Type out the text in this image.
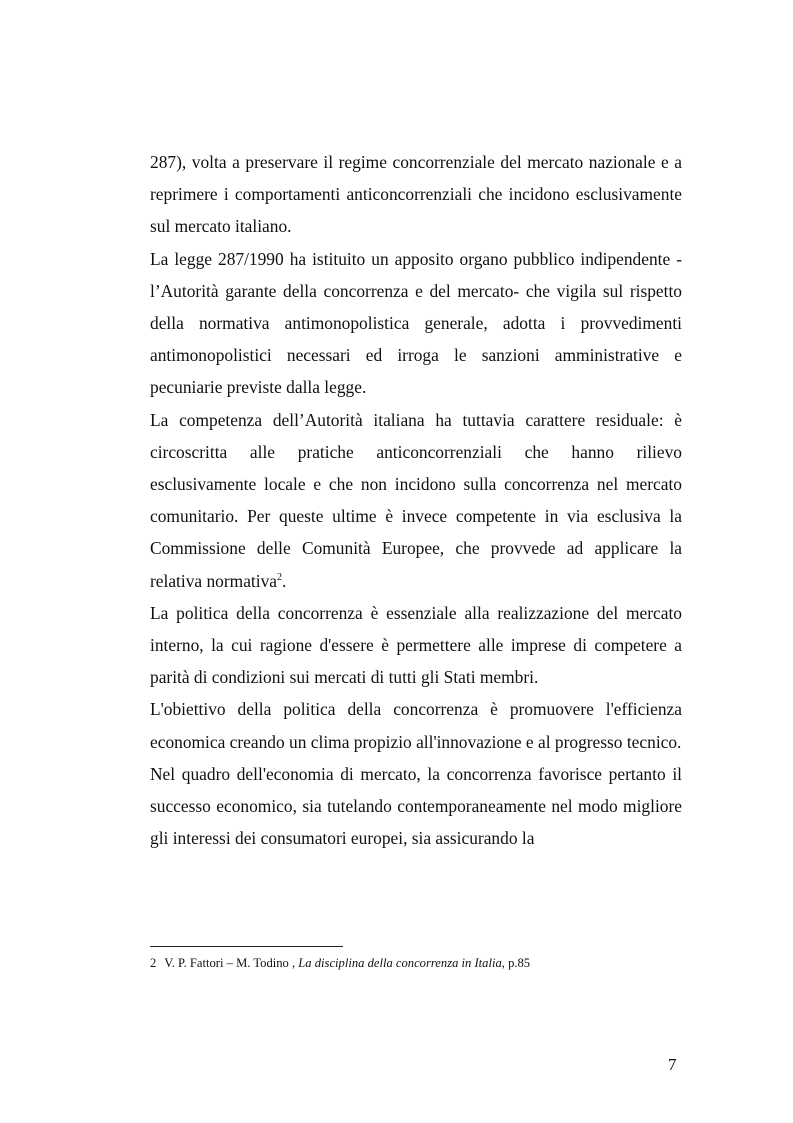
287), volta a preservare il regime concorrenziale del mercato nazionale e a reprimere i comportamenti anticoncorrenziali che incidono esclusivamente sul mercato italiano.

La legge 287/1990 ha istituito un apposito organo pubblico indipendente - l’Autorità garante della concorrenza e del mercato- che vigila sul rispetto della normativa antimonopolistica generale, adotta i provvedimenti antimonopolistici necessari ed irroga le sanzioni amministrative e pecuniarie previste dalla legge.

La competenza dell’Autorità italiana ha tuttavia carattere residuale: è circoscritta alle pratiche anticoncorrenziali che hanno rilievo esclusivamente locale e che non incidono sulla concorrenza nel mercato comunitario. Per queste ultime è invece competente in via esclusiva la Commissione delle Comunità Europee, che provvede ad applicare la relativa normativa$^2$.

La politica della concorrenza è essenziale alla realizzazione del mercato interno, la cui ragione d'essere è permettere alle imprese di competere a parità di condizioni sui mercati di tutti gli Stati membri.

L'obiettivo della politica della concorrenza è promuovere l'efficienza economica creando un clima propizio all'innovazione e al progresso tecnico.

Nel quadro dell'economia di mercato, la concorrenza favorisce pertanto il successo economico, sia tutelando contemporaneamente nel modo migliore gli interessi dei consumatori europei, sia assicurando la

2 V. P. Fattori – M. Todino , La disciplina della concorrenza in Italia, p.85
7
